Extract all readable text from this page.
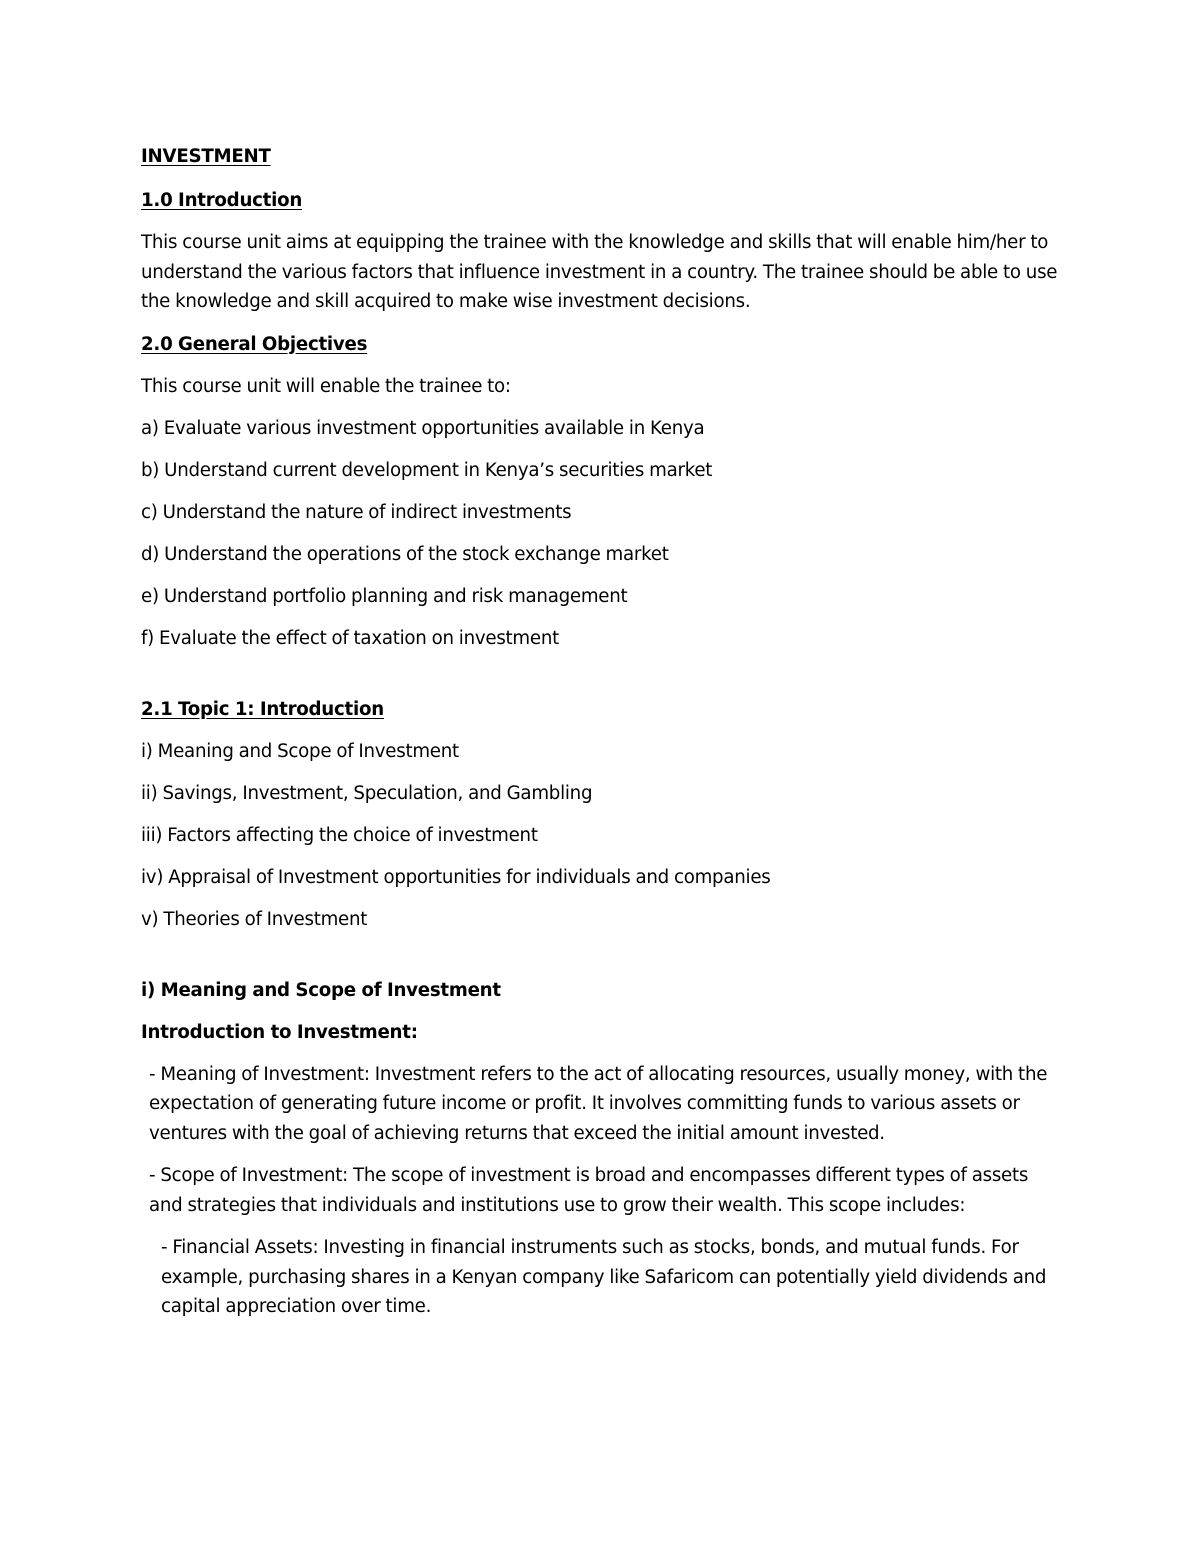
INVESTMENT

1.0 Introduction

This course unit aims at equipping the trainee with the knowledge and skills that will enable him/her to understand the various factors that influence investment in a country. The trainee should be able to use the knowledge and skill acquired to make wise investment decisions.

2.0 General Objectives

This course unit will enable the trainee to:

a) Evaluate various investment opportunities available in Kenya

b) Understand current development in Kenya’s securities market

c) Understand the nature of indirect investments

d) Understand the operations of the stock exchange market

e) Understand portfolio planning and risk management

f) Evaluate the effect of taxation on investment

2.1 Topic 1: Introduction

i) Meaning and Scope of Investment

ii) Savings, Investment, Speculation, and Gambling

iii) Factors affecting the choice of investment

iv) Appraisal of Investment opportunities for individuals and companies

v) Theories of Investment

i) Meaning and Scope of Investment

Introduction to Investment:

- Meaning of Investment: Investment refers to the act of allocating resources, usually money, with the expectation of generating future income or profit. It involves committing funds to various assets or ventures with the goal of achieving returns that exceed the initial amount invested.

- Scope of Investment: The scope of investment is broad and encompasses different types of assets and strategies that individuals and institutions use to grow their wealth. This scope includes:

- Financial Assets: Investing in financial instruments such as stocks, bonds, and mutual funds. For example, purchasing shares in a Kenyan company like Safaricom can potentially yield dividends and capital appreciation over time.
